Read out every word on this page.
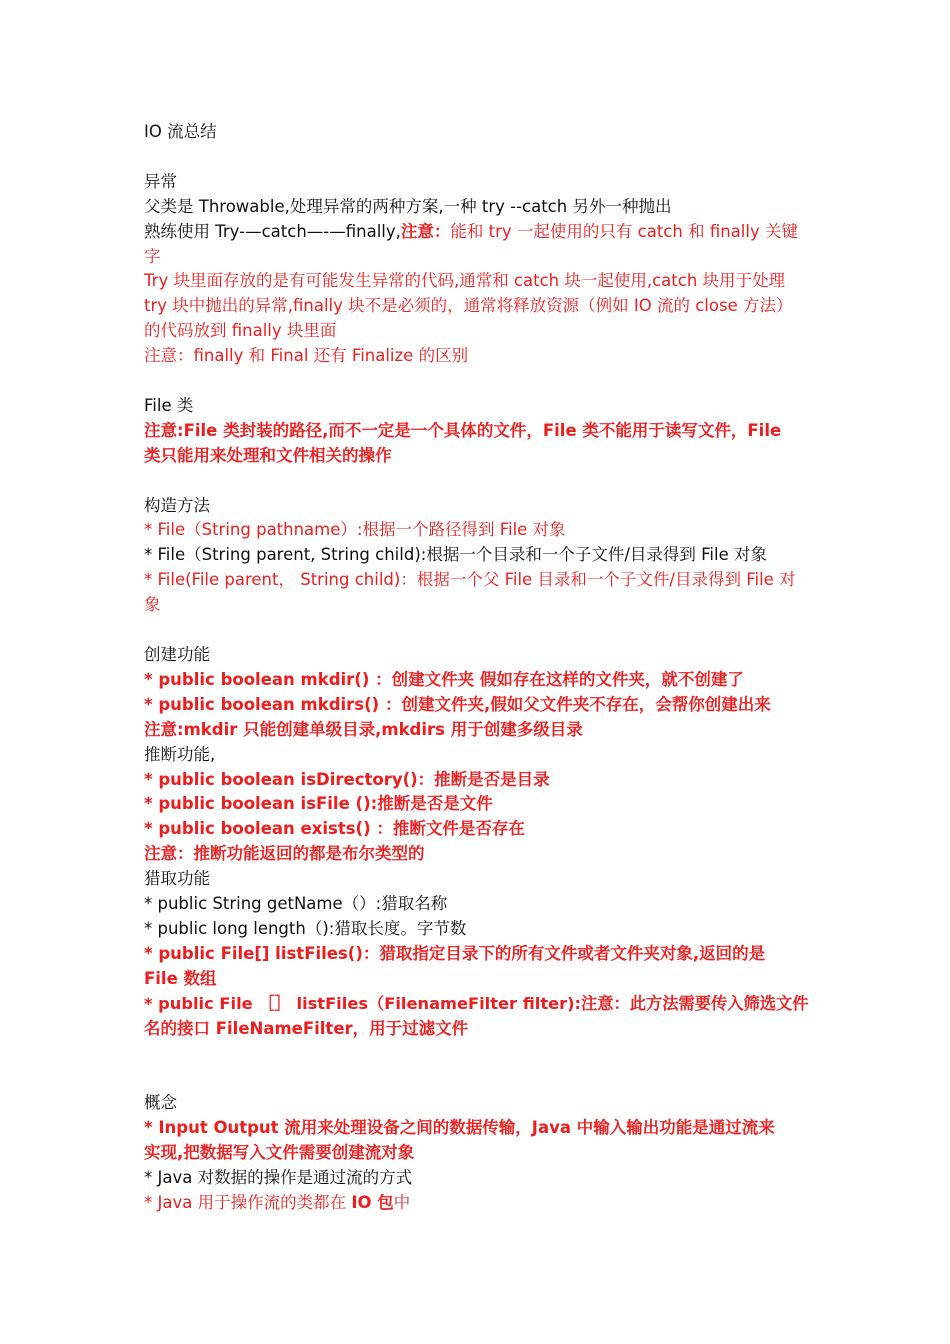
IO 流总结
异常
父类是 Throwable,处理异常的两种方案,一种 try --catch 另外一种抛出
熟练使用 Try-—catch—-—finally,注意：能和 try 一起使用的只有 catch 和 finally 关键
字
Try 块里面存放的是有可能发生异常的代码,通常和 catch 块一起使用,catch 块用于处理
try 块中抛出的异常,finally 块不是必须的，通常将释放资源（例如 IO 流的 close 方法）
的代码放到 finally 块里面
注意：finally 和 Final 还有 Finalize 的区别
File 类
注意:File 类封装的路径,而不一定是一个具体的文件，File 类不能用于读写文件，File
类只能用来处理和文件相关的操作
构造方法
* File（String pathname）:根据一个路径得到 File 对象
* File（String parent, String child):根据一个目录和一个子文件/目录得到 File 对象
* File(File parent， String child)：根据一个父 File 目录和一个子文件/目录得到 File 对
象
创建功能
* public boolean mkdir() ：创建文件夹 假如存在这样的文件夹，就不创建了
* public boolean mkdirs() ：创建文件夹,假如父文件夹不存在，会帮你创建出来
注意:mkdir 只能创建单级目录,mkdirs 用于创建多级目录
推断功能,
* public boolean isDirectory()：推断是否是目录
* public boolean isFile ():推断是否是文件
* public boolean exists() ：推断文件是否存在
注意：推断功能返回的都是布尔类型的
猎取功能
* public String getName（）:猎取名称
* public long length（):猎取长度。字节数
* public File[] listFiles()：猎取指定目录下的所有文件或者文件夹对象,返回的是
File 数组
* public File ［］ listFiles（FilenameFilter filter):注意：此方法需要传入筛选文件
名的接口 FileNameFilter，用于过滤文件
概念
* Input Output 流用来处理设备之间的数据传输，Java 中输入输出功能是通过流来
实现,把数据写入文件需要创建流对象
* Java 对数据的操作是通过流的方式
* Java 用于操作流的类都在 IO 包中
